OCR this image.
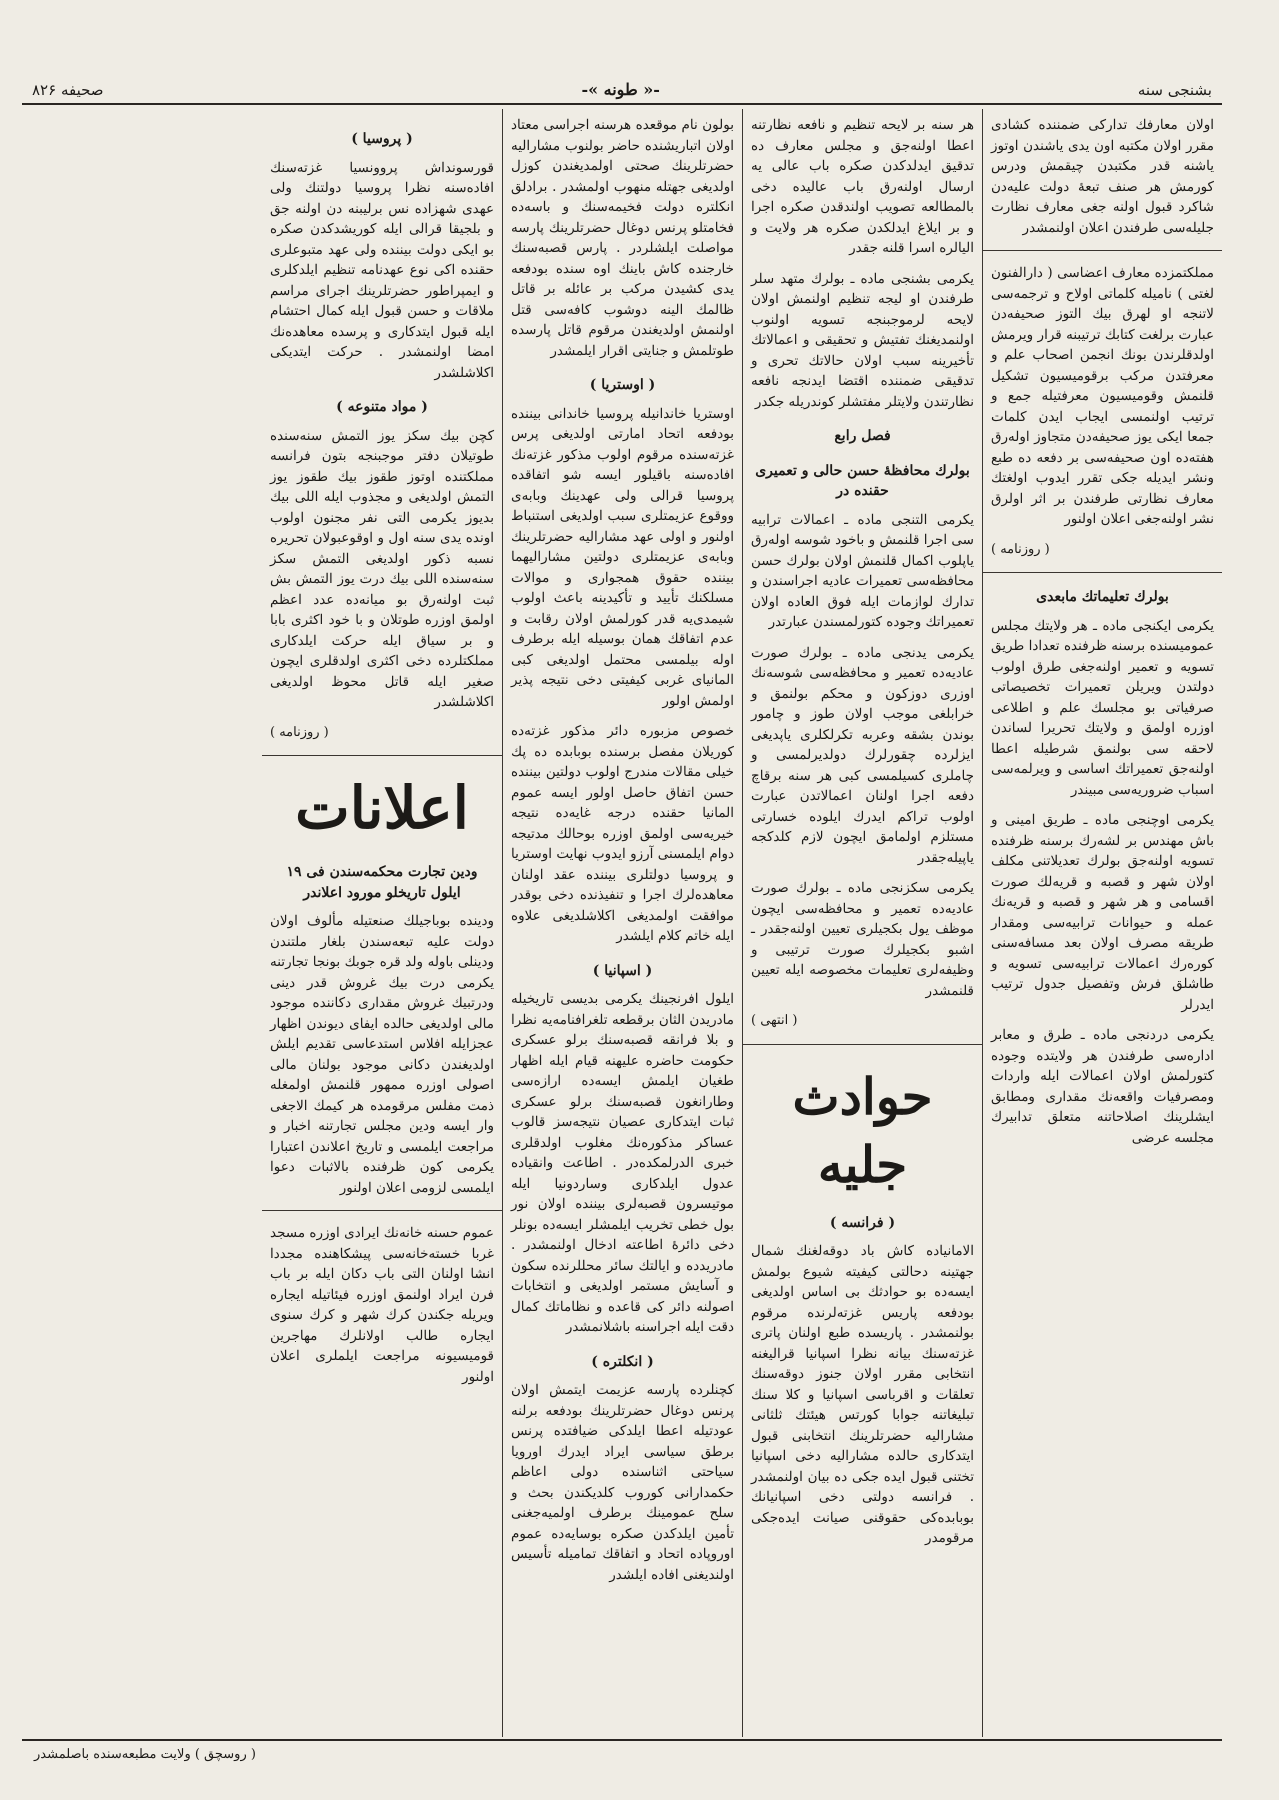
بشنجی سنه
-« طونه »-
صحیفه ۸۲۶

اولان معارفك تداركی ضمننده كشادی مقرر اولان مكتبه اون یدی یاشندن اوتوز یاشنه قدر مكتبدن چیقمش ودرس كورمش هر صنف تبعهٔ دولت علیه‌دن شاكرد قبول اولنه جغی معارف نظارت جلیله‌سی طرفندن اعلان اولنمشدر

مملكتمزده معارف اعضاسی ( دارالفنون لغتی ) نامیله كلماتی اولاح و ترجمه‌سی لاتنجه او لهرق بیك التوز صحیفه‌دن عبارت برلغت كتابك ترتیبنه قرار ویرمش اولدقلرندن بونك انجمن اصحاب علم و معرفتدن مركب برقومیسیون تشكیل قلنمش وقومیسیون معرفتیله جمع و ترتیب اولنمسی ایجاب ایدن كلمات جمعا ایكی یوز صحیفه‌دن متجاوز اوله‌رق هفته‌ده اون صحیفه‌سی بر دفعه ده طبع ونشر ایدیله جكی تقرر ایدوب اولغتك معارف نظارتی طرفندن بر اثر اولرق نشر اولنه‌جغی اعلان اولنور

( روزنامه )
بولرك تعلیماتك مابعدی

یكرمی ایكنجی ماده ـ هر ولایتك مجلس عمومیسنده برسنه ظرفنده تعدادا طریق تسویه و تعمیر اولنه‌جغی طرق اولوب دولتدن ویریلن تعمیرات تخصیصاتی صرفیاتی بو مجلسك علم و اطلاعی اوزره اولمق و ولایتك تحریرا لساندن لاحقه سی بولنمق شرطیله اعطا اولنه‌جق تعمیراتك اساسی و ویرلمه‌سی اسباب ضروریه‌سی مبیندر

یكرمی اوچنجی ماده ـ طریق امینی و باش مهندس بر لشه‌رك برسنه ظرفنده تسویه اولنه‌جق بولرك تعدیلاتنی مكلف اولان شهر و قصبه و قریه‌لك صورت اقسامی و هر شهر و قصبه و قریه‌نك عمله و حیوانات ترابیه‌سی ومقدار طریقه مصرف اولان بعد مسافه‌سنی كوره‌رك اعمالات ترابیه‌سی تسویه و طاشلق فرش وتفصیل جدول ترتیب ایدرلر

یكرمی دردنجی ماده ـ طرق و معابر اداره‌سی طرفندن هر ولایتده وجوده كتورلمش اولان اعمالات ایله واردات ومصرفیات واقعه‌نك مقداری ومطابق ایشلرینك اصلاحاتنه متعلق تدابیرك مجلسه عرضی

هر سنه بر لایحه تنظیم و نافعه نظارتنه اعطا اولنه‌جق و مجلس معارف ده تدقیق ایدلدكدن صكره باب عالی یه ارسال اولنه‌رق باب عالیده دخی بالمطالعه تصویب اولندقدن صكره اجرا و بر ایلاغ ایدلكدن صكره هر ولایت و الیالره اسرا قلنه جقدر

یكرمی بشنجی ماده ـ بولرك متهد سلر طرفندن او لیجه تنظیم اولنمش اولان لایحه لرموجبنجه تسویه اولنوب اولنمدیغنك تفتیش و تحقیقی و اعمالاتك تأخیرینه سبب اولان حالاتك تحری و تدقیقی ضمننده اقتضا ایدنجه نافعه نظارتندن ولایتلر مفتشلر كوندریله جكدر

فصل رابع
بولرك محافظهٔ حسن حالی و تعمیری حقنده در

یكرمی التنجی ماده ـ اعمالات ترابیه سی اجرا قلنمش و باخود شوسه اوله‌رق یاپلوب اكمال قلنمش اولان بولرك حسن محافظه‌سی تعمیرات عادیه اجراسندن و تدارك لوازمات ایله فوق العاده اولان تعمیراتك وجوده كتورلمسندن عبارتدر

یكرمی یدنجی ماده ـ بولرك صورت عادیه‌ده تعمیر و محافظه‌سی شوسه‌نك اوزری دوزكون و محكم بولنمق و خرابلغی موجب اولان طوز و چامور بوندن بشقه وعربه تكرلكلری یاپدیغی ایزلرده چقورلرك دولدیرلمسی و چاملری كسیلمسی كبی هر سنه برقاچ دفعه اجرا اولنان اعمالاتدن عبارت اولوب تراكم ایدرك ایلوده خسارتی مستلزم اولمامق ایچون لازم كلدكجه یاپیله‌جقدر

یكرمی سكزنجی ماده ـ بولرك صورت عادیه‌ده تعمیر و محافظه‌سی ایچون موظف یول بكجیلری تعیین اولنه‌جقدر ـ اشبو بكجیلرك صورت ترتیبی و وظیفه‌لری تعلیمات مخصوصه ایله تعیین قلنمشدر

( انتهی )
حوادث جلیه
( فرانسه )

الامانیاده كاش باد دوقه‌لغنك شمال جهتینه دحالتی كیفیته شیوع بولمش ایسه‌ده بو حوادثك بی اساس اولدیغی بودفعه پاریس غزته‌لرنده مرقوم بولنمشدر . پاریسده طبع اولنان پاتری غزته‌سنك بیانه نظرا اسپانیا قرالیغنه انتخابی مقرر اولان جنوز دوقه‌سنك تعلقات و اقرباسی اسپانیا و كلا سنك تبلیغاتنه جوابا كورتس هیئتك ثلثانی مشارالیه حضرتلرینك انتخابنی قبول ایتدكاری حالده مشارالیه دخی اسپانیا تختنی قبول ایده جكی ده بیان اولنمشدر . فرانسه دولتی دخی اسپانیانك بوبابده‌كی حقوقنی صیانت ایده‌جكی مرقومدر

بولون نام موقعده هرسنه اجراسی معتاد اولان اتباریشنده حاضر بولنوب مشارالیه حضرتلرینك صحتی اولمدیغندن كوزل اولدیغی جهتله منهوب اولمشدر . برادلق انكلتره دولت فخیمه‌سنك و باسه‌ده فخامتلو پرنس دوغال حضرتلرینك پارسه مواصلت ایلشلردر . پارس قصبه‌سنك خارجنده كاش باینك اوه سنده بودفعه یدی كشیدن مركب بر عائله بر قاتل ظالمك الینه دوشوب كافه‌سی قتل اولنمش اولدیغندن مرقوم قاتل پارسده طوتلمش و جنایتی اقرار ایلمشدر

( اوستریا )

اوستریا خاندانیله پروسیا خاندانی بیننده بودفعه اتحاد امارتی اولدیغی پرس غزته‌سنده مرقوم اولوب مذكور غزته‌نك افاده‌سنه باقیلور ایسه شو اتفاقده پروسیا قرالی ولی عهدینك وبابه‌ی ووقوع عزیمتلری سبب اولدیغی استنباط اولنور و اولی عهد مشارالیه حضرتلرینك وبابه‌ی عزیمتلری دولتین مشارالیهما بیننده حقوق همجواری و موالات مسلكنك تأیید و تأكیدینه باعث اولوب شیمدی‌یه قدر كورلمش اولان رقابت و عدم اتفاقك همان بوسیله ایله برطرف اوله بیلمسی محتمل اولدیغی كبی المانیای غربی كیفیتی دخی نتیجه پذیر اولمش اولور

خصوص مزبوره دائر مذكور غزته‌ده كوریلان مفصل برسنده بوبابده ده پك خیلی مقالات مندرج اولوب دولتین بیننده حسن اتفاق حاصل اولور ایسه عموم المانیا حقنده درجه غایه‌ده نتیجه خیریه‌سی اولمق اوزره بوحالك مدتیجه دوام ایلمسنی آرزو ایدوب نهایت اوستریا و پروسیا دولتلری بیننده عقد اولنان معاهده‌لرك اجرا و تنفیذنده دخی بوقدر موافقت اولمدیغی اكلاشلدیغی علاوه ایله خاتم كلام ایلشدر

( اسپانیا )

ایلول افرنجینك یكرمی بدیسی تاریخیله مادریدن الثان برقطعه تلغرافنامه‌یه نظرا و بلا فرانقه قصبه‌سنك برلو عسكری حكومت حاضره علیهنه قیام ایله اظهار طغیان ایلمش ایسه‌ده ارازه‌سی وطارانغون قصبه‌سنك برلو عسكری ثبات ایتدكاری عصیان نتیجه‌سز قالوب عساكر مذكوره‌نك مغلوب اولدقلری خبری الدرلمكده‌در . اطاعت وانقیاده عدول ایلدكاری وساردونیا ایله موتیسرون قصبه‌لری بیننده اولان نور بول خطی تخریب ایلمشلر ایسه‌ده بونلر دخی دائرهٔ اطاعته ادخال اولنمشدر . مادریدده و ایالتك سائر محللرنده سكون و آسایش مستمر اولدیغی و انتخابات اصولنه دائر كی قاعده و نظاماتك كمال دقت ایله اجراسنه باشلانمشدر

( انكلتره )

كچنلرده پارسه عزیمت ایتمش اولان پرنس دوغال حضرتلرینك بودفعه برلنه عودتیله اعطا ایلدكی ضیافتده پرنس برطق سیاسی ایراد ایدرك اورویا سیاحتی اثناسنده دولی اعاظم حكمدارانی كوروب كلدیكندن بحث و سلح عمومینك برطرف اولمیه‌جغنی تأمین ایلدكدن صكره بوسایه‌ده عموم اوروپاده اتحاد و اتفاقك تمامیله تأسیس اولندیغنی افاده ایلشدر

( پروسیا )

قورسونداش پروونسیا غزته‌سنك افاده‌سنه نظرا پروسیا دولتنك ولی عهدی شهزاده نس برلیبنه دن اولنه جق و بلجیقا قرالی ایله كوریشدكدن صكره بو ایكی دولت بیننده ولی عهد متبوعلری حقنده اكی نوع عهدنامه تنظیم ایلدكلری و ایمپراطور حضرتلرینك اجرای مراسم ملاقات و حسن قبول ایله كمال احتشام ایله قبول ایتدكاری و پرسده معاهده‌نك امضا اولنمشدر . حركت ایتدیكی اكلاشلشدر

( مواد متنوعه )

كچن بیك سكز یوز التمش سنه‌سنده طوتیلان دفتر موجبنجه بتون فرانسه مملكتنده اوتوز طقوز بیك طقوز یوز التمش اولدیغی و مجذوب ایله اللی بیك بدیوز یكرمی التی نفر مجنون اولوب اونده یدی سنه اول و اوقوعبولان تحریره نسبه ذكور اولدیغی التمش سكز سنه‌سنده اللی بیك درت یوز التمش بش ثبت اولنه‌رق بو میانه‌ده عدد اعظم اولمق اوزره طوتلان و با خود اكثری بابا و بر سیاق ایله حركت ایلدكاری مملكتلرده دخی اكثری اولدقلری ایچون صغیر ایله قاتل محوظ اولدیغی اكلاشلشدر

( روزنامه )
اعلانات
ودین تجارت محكمه‌سندن فی ۱۹ ایلول تاریخلو مورود اعلاندر

ودینده بوباجیلك صنعتیله مألوف اولان دولت علیه تبعه‌سندن بلغار ملتندن ودینلی باوله ولد قره جوبك بونجا تجارتنه یكرمی درت بیك غروش قدر دینی ودرتبیك غروش مقداری دكاننده موجود مالی اولدیغی حالده ایفای دیوندن اظهار عجزایله افلاس استدعاسی تقدیم ایلش اولدیغندن دكانی موجود بولنان مالی اصولی اوزره ممهور قلنمش اولمغله ذمت مفلس مرقومده هر كیمك الاجغی وار ایسه ودین مجلس تجارتنه اخبار و مراجعت ایلمسی و تاریخ اعلاندن اعتبارا یكرمی كون ظرفنده بالاثبات دعوا ایلمسی لزومی اعلان اولنور

عموم حسنه خانه‌نك ایرادی اوزره مسجد غربا خسته‌خانه‌سی پیشكاهنده مجددا انشا اولنان التی باب دكان ایله بر باب فرن ایراد اولنمق اوزره فیئاتیله ایجاره ویریله جكندن كرك شهر و كرك سنوی ایجاره طالب اولانلرك مهاجرین قومیسیونه مراجعت ایلملری اعلان اولنور

( روسچق ) ولایت مطبعه‌سنده باصلمشدر
